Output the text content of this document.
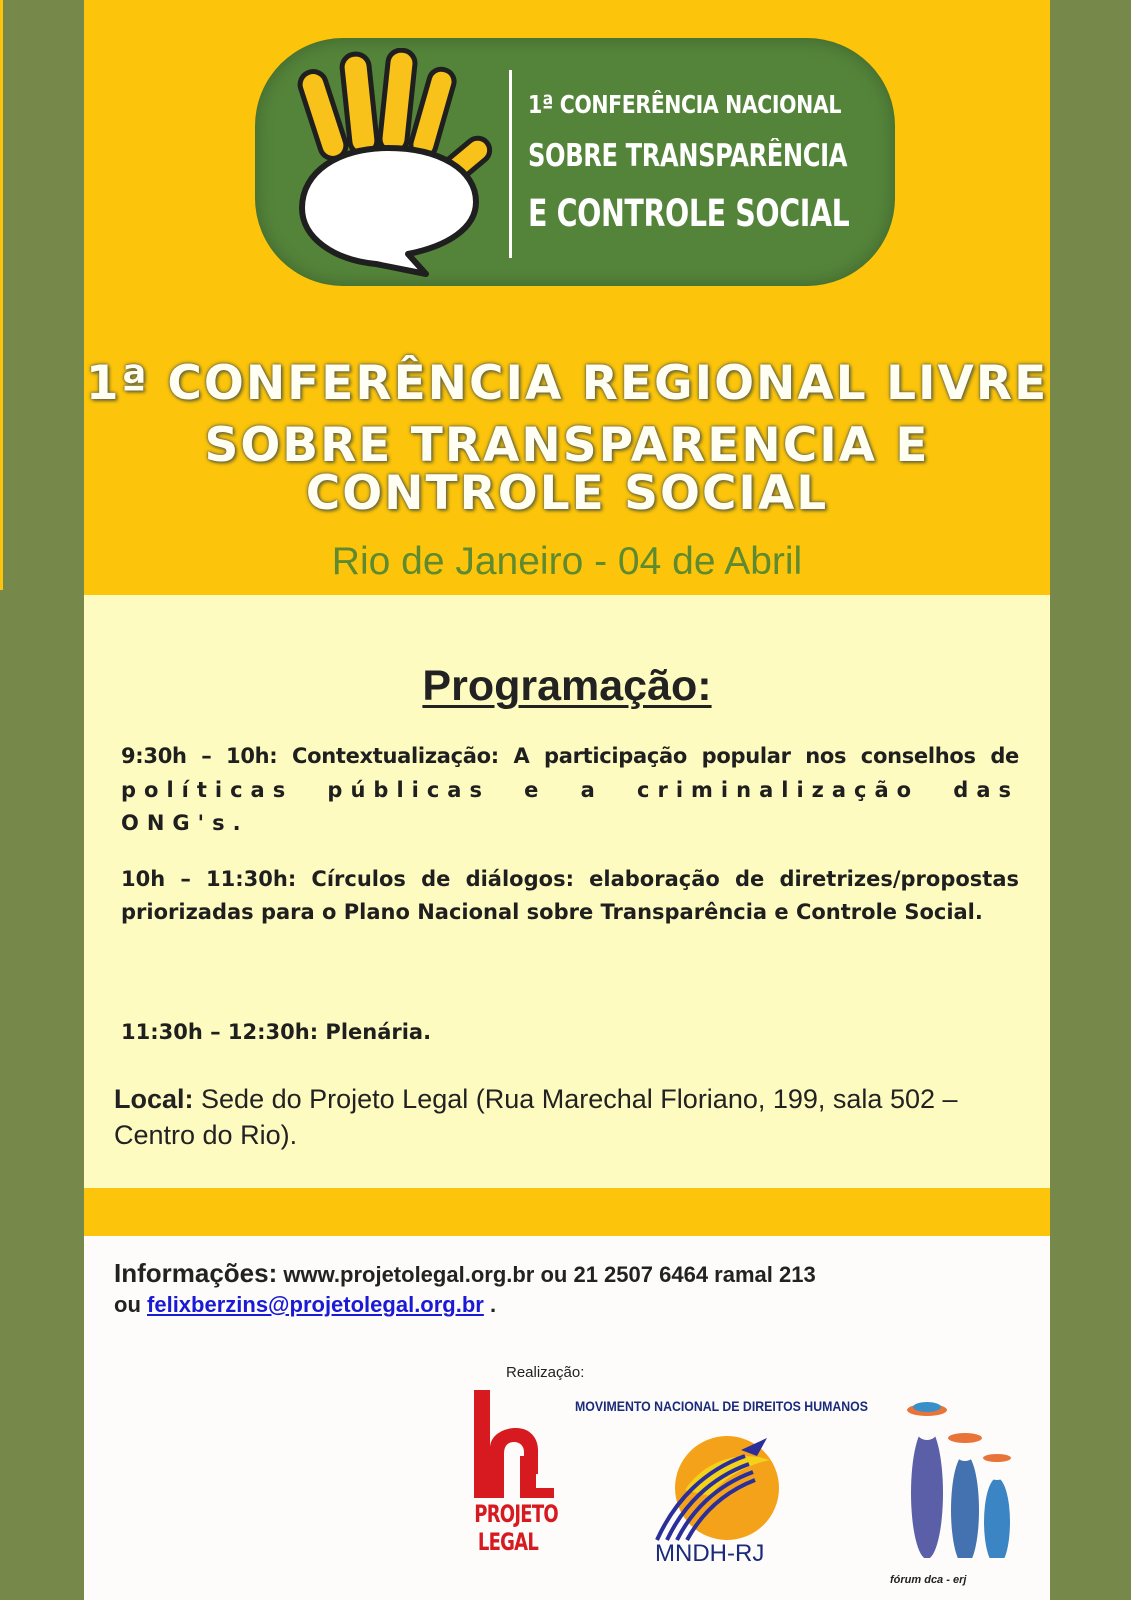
1ª CONFERÊNCIA NACIONAL
SOBRE TRANSPARÊNCIA
E CONTROLE SOCIAL
1ª CONFERÊNCIA REGIONAL LIVRE
SOBRE TRANSPARENCIA E
CONTROLE SOCIAL
Rio de Janeiro - 04 de Abril
Programação:
9:30h – 10h: Contextualização: A participação popular nos conselhos de
políticas públicas e a criminalização das ONG's.
10h – 11:30h: Círculos de diálogos: elaboração de diretrizes/propostas priorizadas para o Plano Nacional sobre Transparência e Controle Social.
11:30h – 12:30h: Plenária.
Local: Sede do Projeto Legal (Rua Marechal Floriano, 199, sala 502 – Centro do Rio).
Informações: www.projetolegal.org.br ou 21 2507 6464 ramal 213
ou felixberzins@projetolegal.org.br .
Realização:
PROJETO
LEGAL
MOVIMENTO NACIONAL DE DIREITOS HUMANOS
MNDH-RJ
fórum dca - erj
